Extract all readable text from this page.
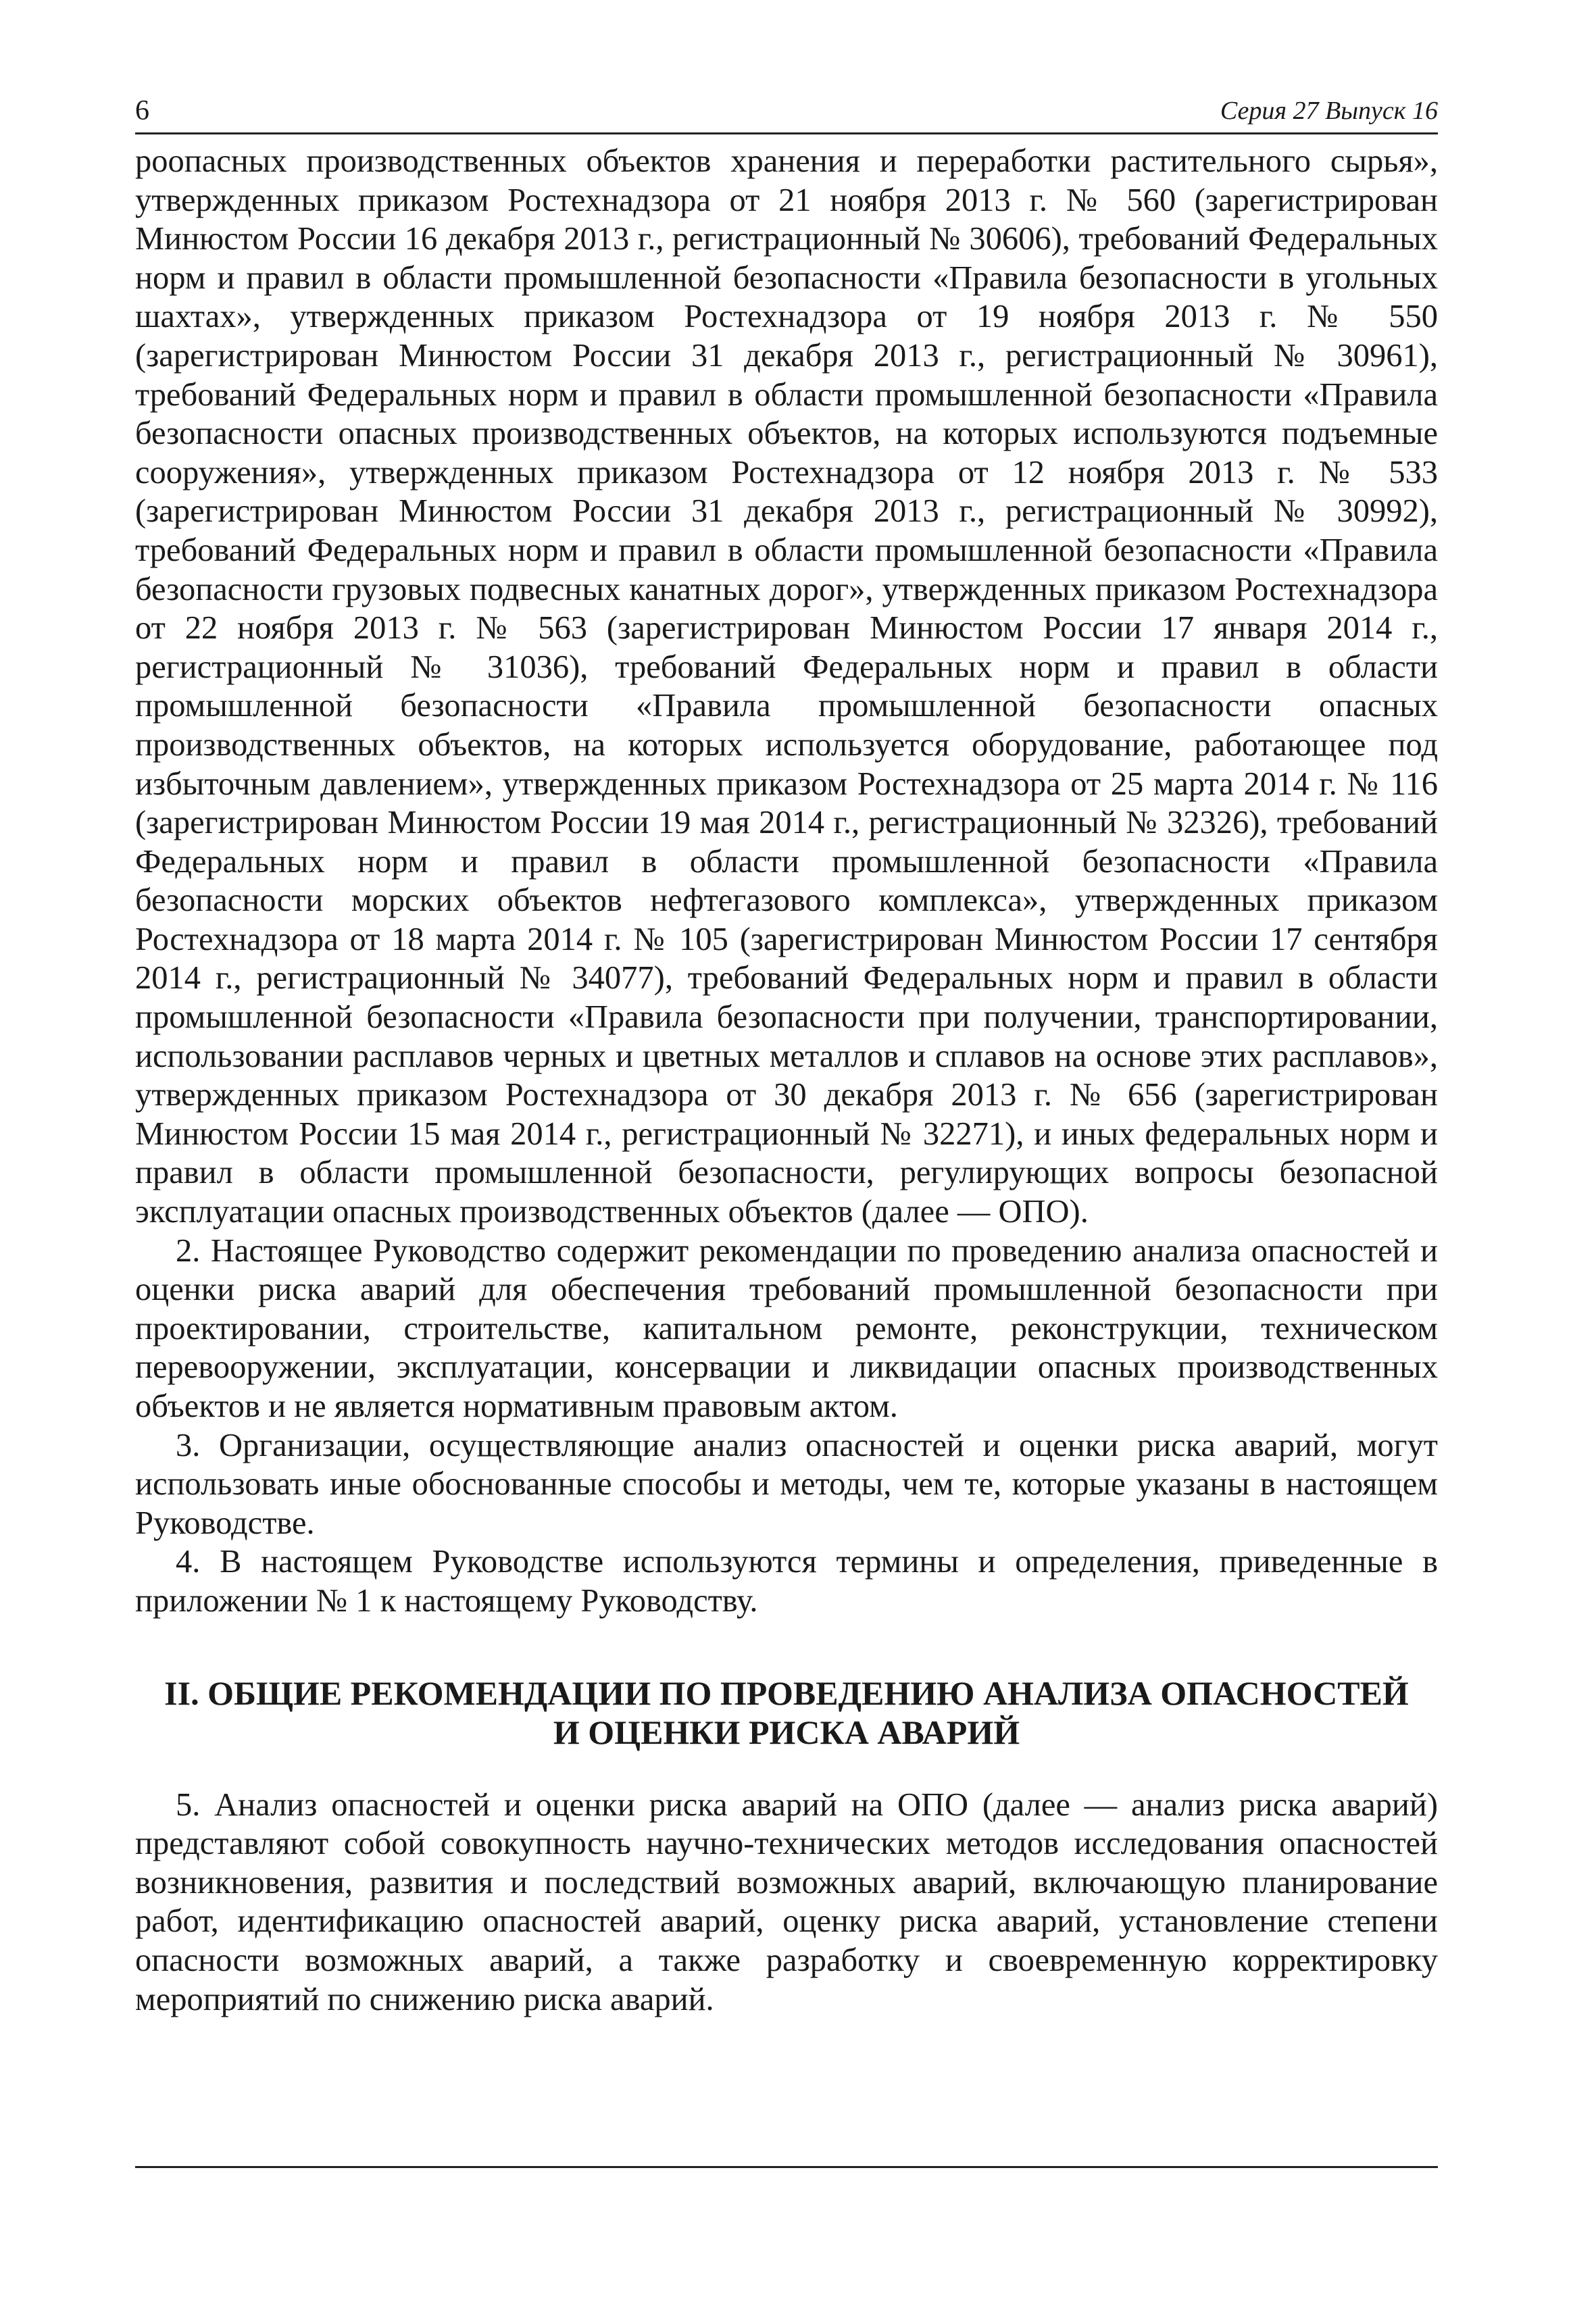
6	Серия 27 Выпуск 16

роопасных производственных объектов хранения и переработки растительного сырья», утвержденных приказом Ростехнадзора от 21 ноября 2013 г. № 560 (зарегистрирован Минюстом России 16 декабря 2013 г., регистрационный № 30606), требований Федеральных норм и правил в области промышленной безопасности «Правила безопасности в угольных шахтах», утвержденных приказом Ростехнадзора от 19 ноября 2013 г. № 550 (зарегистрирован Минюстом России 31 декабря 2013 г., регистрационный № 30961), требований Федеральных норм и правил в области промышленной безопасности «Правила безопасности опасных производственных объектов, на которых используются подъемные сооружения», утвержденных приказом Ростехнадзора от 12 ноября 2013 г. № 533 (зарегистрирован Минюстом России 31 декабря 2013 г., регистрационный № 30992), требований Федеральных норм и правил в области промышленной безопасности «Правила безопасности грузовых подвесных канатных дорог», утвержденных приказом Ростехнадзора от 22 ноября 2013 г. № 563 (зарегистрирован Минюстом России 17 января 2014 г., регистрационный № 31036), требований Федеральных норм и правил в области промышленной безопасности «Правила промышленной безопасности опасных производственных объектов, на которых используется оборудование, работающее под избыточным давлением», утвержденных приказом Ростехнадзора от 25 марта 2014 г. № 116 (зарегистрирован Минюстом России 19 мая 2014 г., регистрационный № 32326), требований Федеральных норм и правил в области промышленной безопасности «Правила безопасности морских объектов нефтегазового комплекса», утвержденных приказом Ростехнадзора от 18 марта 2014 г. № 105 (зарегистрирован Минюстом России 17 сентября 2014 г., регистрационный № 34077), требований Федеральных норм и правил в области промышленной безопасности «Правила безопасности при получении, транспортировании, использовании расплавов черных и цветных металлов и сплавов на основе этих расплавов», утвержденных приказом Ростехнадзора от 30 декабря 2013 г. № 656 (зарегистрирован Минюстом России 15 мая 2014 г., регистрационный № 32271), и иных федеральных норм и правил в области промышленной безопасности, регулирующих вопросы безопасной эксплуатации опасных производственных объектов (далее — ОПО).

2. Настоящее Руководство содержит рекомендации по проведению анализа опасностей и оценки риска аварий для обеспечения требований промышленной безопасности при проектировании, строительстве, капитальном ремонте, реконструкции, техническом перевооружении, эксплуатации, консервации и ликвидации опасных производственных объектов и не является нормативным правовым актом.

3. Организации, осуществляющие анализ опасностей и оценки риска аварий, могут использовать иные обоснованные способы и методы, чем те, которые указаны в настоящем Руководстве.

4. В настоящем Руководстве используются термины и определения, приведенные в приложении № 1 к настоящему Руководству.

II. ОБЩИЕ РЕКОМЕНДАЦИИ ПО ПРОВЕДЕНИЮ АНАЛИЗА ОПАСНОСТЕЙ
И ОЦЕНКИ РИСКА АВАРИЙ

5. Анализ опасностей и оценки риска аварий на ОПО (далее — анализ риска аварий) представляют собой совокупность научно-технических методов исследования опасностей возникновения, развития и последствий возможных аварий, включающую планирование работ, идентификацию опасностей аварий, оценку риска аварий, установление степени опасности возможных аварий, а также разработку и своевременную корректировку мероприятий по снижению риска аварий.
